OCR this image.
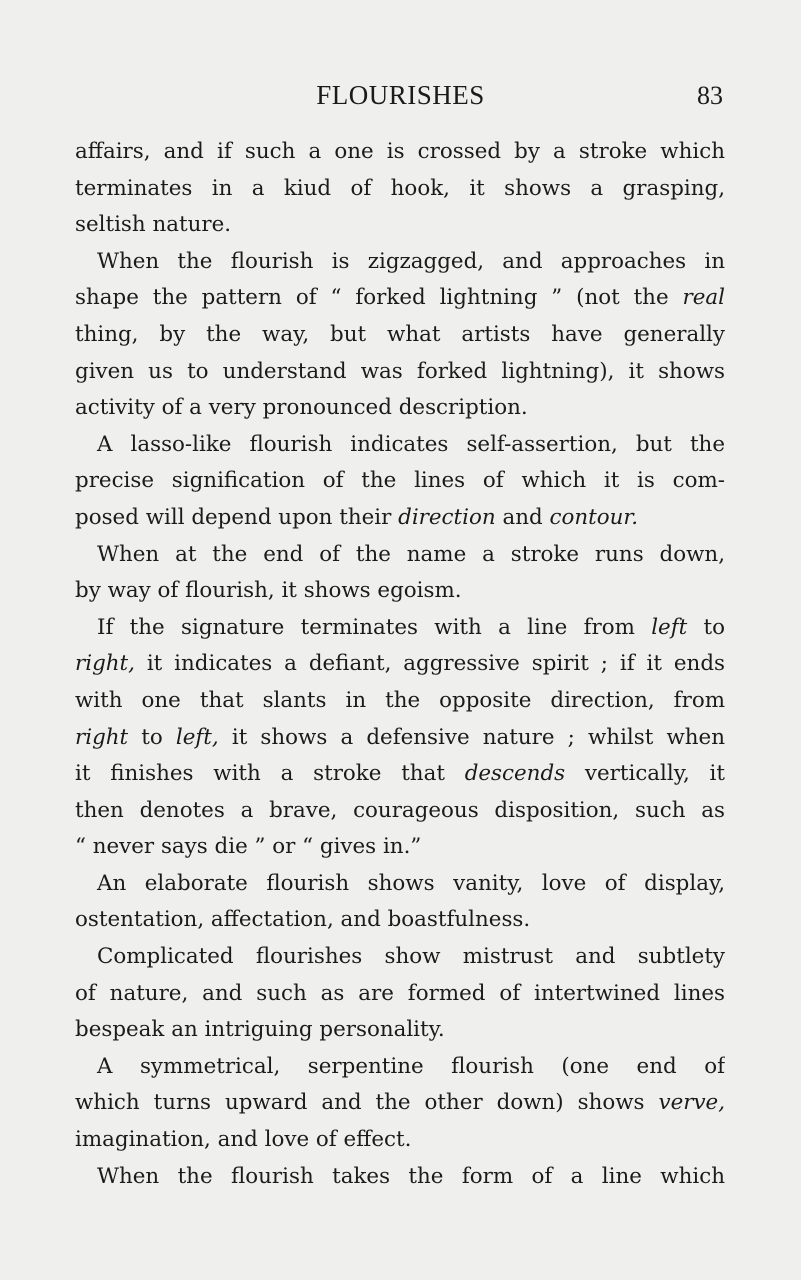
FLOURISHES	83
affairs, and if such a one is crossed by a stroke which
terminates in a kiud of hook, it shows a grasping,
seltish nature.
When the flourish is zigzagged, and approaches in
shape the pattern of “ forked lightning ” (not the real
thing, by the way, but what artists have generally
given us to understand was forked lightning), it shows
activity of a very pronounced description.
A lasso-like flourish indicates self-assertion, but the
precise signification of the lines of which it is com-
posed will depend upon their direction and contour.
When at the end of the name a stroke runs down,
by way of flourish, it shows egoism.
If the signature terminates with a line from left to
right, it indicates a defiant, aggressive spirit ; if it ends
with one that slants in the opposite direction, from
right to left, it shows a defensive nature ; whilst when
it finishes with a stroke that descends vertically, it
then denotes a brave, courageous disposition, such as
“ never says die ” or “ gives in.”
An elaborate flourish shows vanity, love of display,
ostentation, affectation, and boastfulness.
Complicated flourishes show mistrust and subtlety
of nature, and such as are formed of intertwined lines
bespeak an intriguing personality.
A symmetrical, serpentine flourish (one end of
which turns upward and the other down) shows verve,
imagination, and love of effect.
When the flourish takes the form of a line which
